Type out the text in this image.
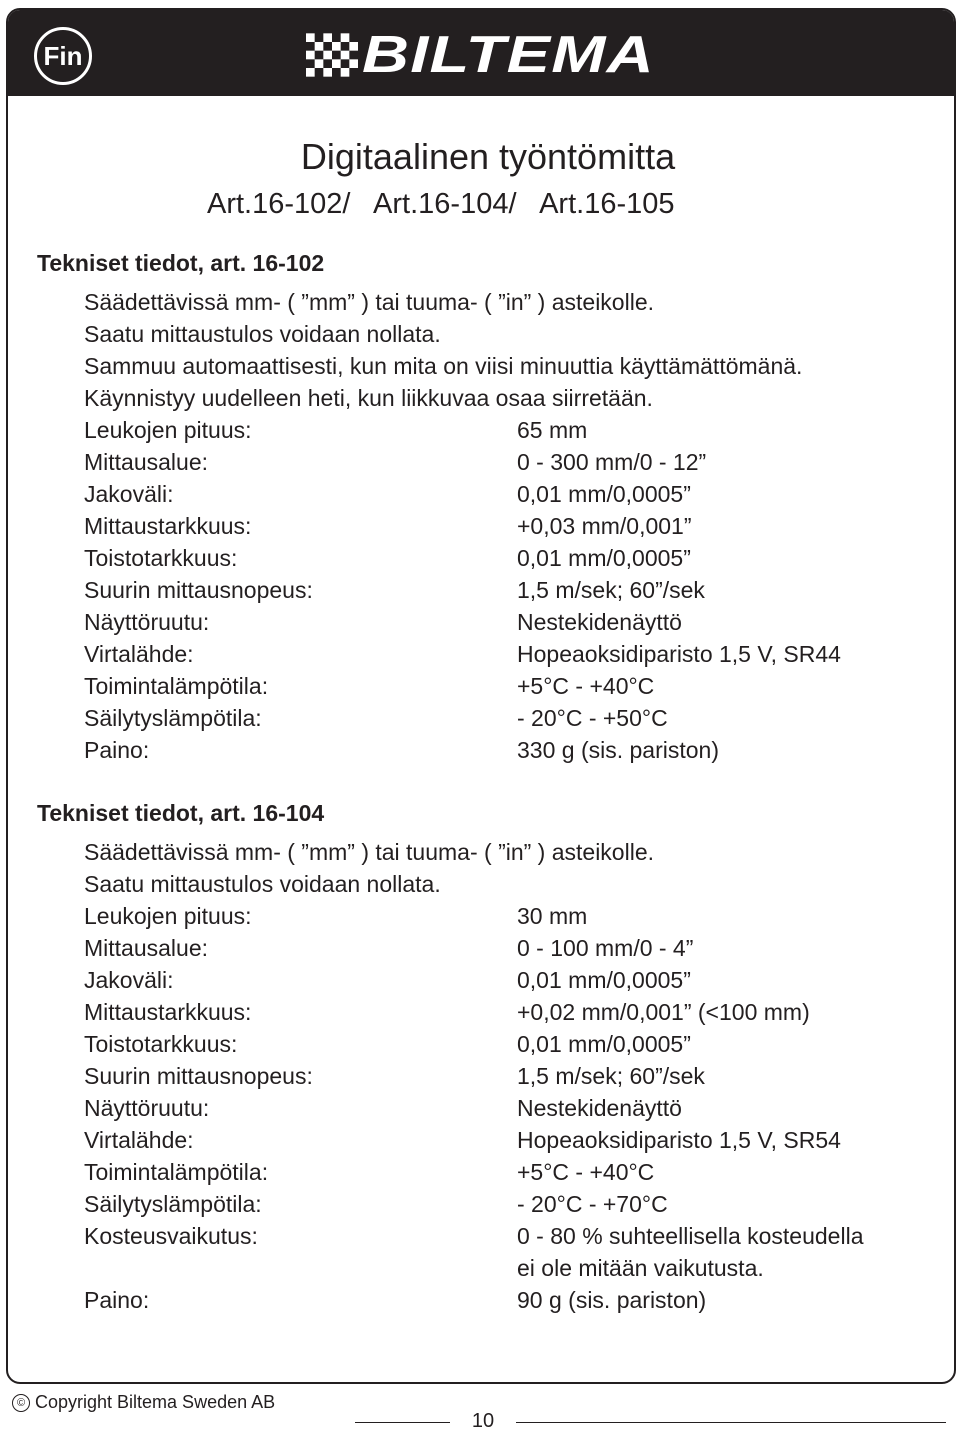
Fin	BILTEMA
Digitaalinen työntömitta
Art.16-102/   Art.16-104/   Art.16-105
Tekniset tiedot, art. 16-102
Säädettävissä mm- ( ”mm” ) tai tuuma- ( ”in” ) asteikolle.
Saatu mittaustulos voidaan nollata.
Sammuu automaattisesti, kun mita on viisi minuuttia käyttämättömänä.
Käynnistyy uudelleen heti, kun liikkuvaa osaa siirretään.
Leukojen pituus:	65 mm
Mittausalue:	0 - 300 mm/0 - 12”
Jakoväli:	0,01 mm/0,0005”
Mittaustarkkuus:	+0,03 mm/0,001”
Toistotarkkuus:	0,01 mm/0,0005”
Suurin mittausnopeus:	1,5 m/sek; 60”/sek
Näyttöruutu:	Nestekidenäyttö
Virtalähde:	Hopeaoksidiparisto 1,5 V, SR44
Toimintalämpötila:	+5°C - +40°C
Säilytyslämpötila:	- 20°C - +50°C
Paino:	330 g (sis. pariston)
Tekniset tiedot, art. 16-104
Säädettävissä mm- ( ”mm” ) tai tuuma- ( ”in” ) asteikolle.
Saatu mittaustulos voidaan nollata.
Leukojen pituus:	30 mm
Mittausalue:	0 - 100 mm/0 - 4”
Jakoväli:	0,01 mm/0,0005”
Mittaustarkkuus:	+0,02 mm/0,001” (<100 mm)
Toistotarkkuus:	0,01 mm/0,0005”
Suurin mittausnopeus:	1,5 m/sek; 60”/sek
Näyttöruutu:	Nestekidenäyttö
Virtalähde:	Hopeaoksidiparisto 1,5 V, SR54
Toimintalämpötila:	+5°C - +40°C
Säilytyslämpötila:	- 20°C - +70°C
Kosteusvaikutus:	0 - 80 % suhteellisella kosteudella
ei ole mitään vaikutusta.
Paino:	90 g (sis. pariston)
© Copyright Biltema Sweden AB
10
